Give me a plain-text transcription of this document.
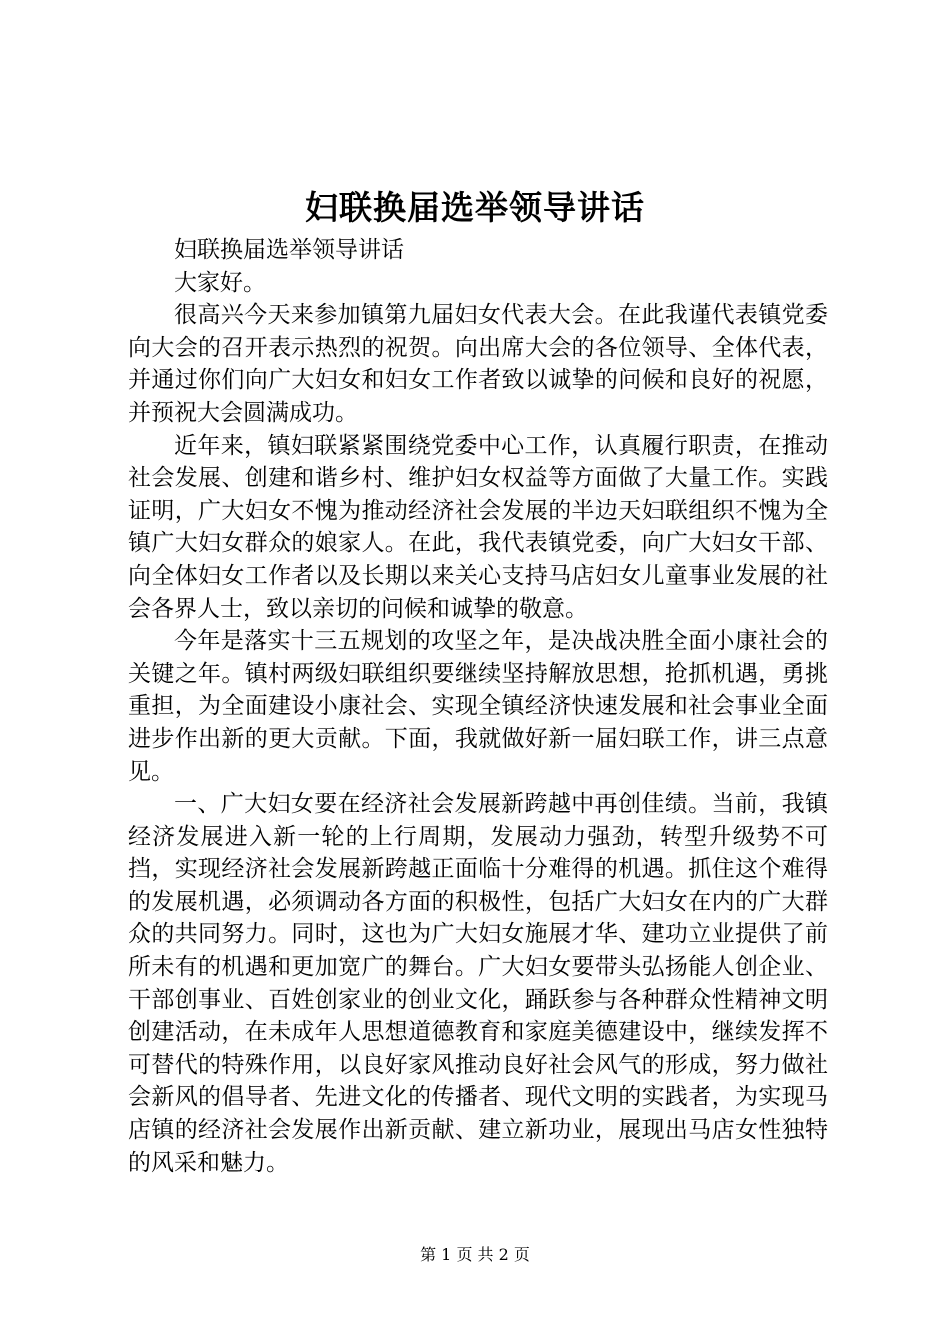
妇联换届选举领导讲话

妇联换届选举领导讲话

大家好。

很高兴今天来参加镇第九届妇女代表大会。在此我谨代表镇党委向大会的召开表示热烈的祝贺。向出席大会的各位领导、全体代表，并通过你们向广大妇女和妇女工作者致以诚挚的问候和良好的祝愿，并预祝大会圆满成功。

近年来，镇妇联紧紧围绕党委中心工作，认真履行职责，在推动社会发展、创建和谐乡村、维护妇女权益等方面做了大量工作。实践证明，广大妇女不愧为推动经济社会发展的半边天妇联组织不愧为全镇广大妇女群众的娘家人。在此，我代表镇党委，向广大妇女干部、向全体妇女工作者以及长期以来关心支持马店妇女儿童事业发展的社会各界人士，致以亲切的问候和诚挚的敬意。

今年是落实十三五规划的攻坚之年，是决战决胜全面小康社会的关键之年。镇村两级妇联组织要继续坚持解放思想，抢抓机遇，勇挑重担，为全面建设小康社会、实现全镇经济快速发展和社会事业全面进步作出新的更大贡献。下面，我就做好新一届妇联工作，讲三点意见。

一、广大妇女要在经济社会发展新跨越中再创佳绩。当前，我镇经济发展进入新一轮的上行周期，发展动力强劲，转型升级势不可挡，实现经济社会发展新跨越正面临十分难得的机遇。抓住这个难得的发展机遇，必须调动各方面的积极性，包括广大妇女在内的广大群众的共同努力。同时，这也为广大妇女施展才华、建功立业提供了前所未有的机遇和更加宽广的舞台。广大妇女要带头弘扬能人创企业、干部创事业、百姓创家业的创业文化，踊跃参与各种群众性精神文明创建活动，在未成年人思想道德教育和家庭美德建设中，继续发挥不可替代的特殊作用，以良好家风推动良好社会风气的形成，努力做社会新风的倡导者、先进文化的传播者、现代文明的实践者，为实现马店镇的经济社会发展作出新贡献、建立新功业，展现出马店女性独特的风采和魅力。

第 1 页 共 2 页
